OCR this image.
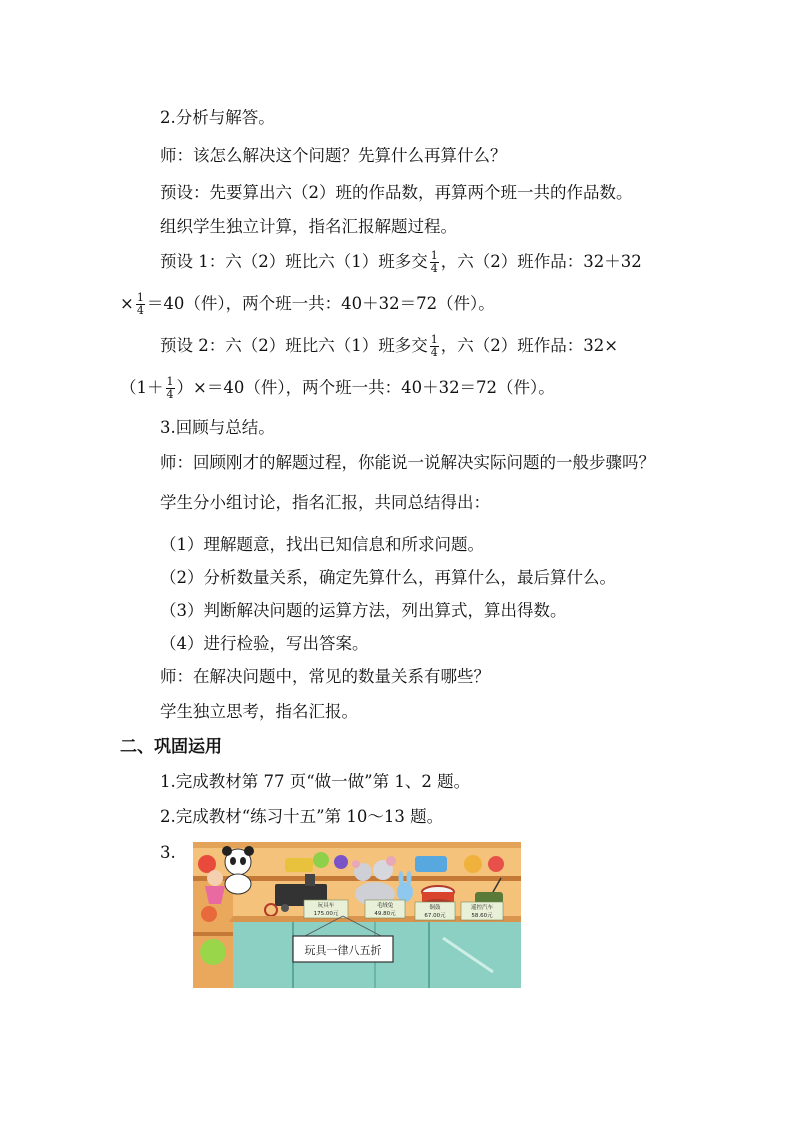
2.分析与解答。
师：该怎么解决这个问题？先算什么再算什么？
预设：先要算出六（2）班的作品数，再算两个班一共的作品数。
组织学生独立计算，指名汇报解题过程。
预设 1：六（2）班比六（1）班多交 $\frac{1}{4}$ ，六（2）班作品：32＋32
× $\frac{1}{4} =40$（件），两个班一共：40＋32＝72（件）。
预设 2：六（2）班比六（1）班多交 $\frac{1}{4}$ ，六（2）班作品：32×
$(1+ \frac{1}{4} )\times=40$（件），两个班一共：40＋32＝72（件）。
3.回顾与总结。
师：回顾刚才的解题过程，你能说一说解决实际问题的一般步骤吗？
学生分小组讨论，指名汇报，共同总结得出：
（1）理解题意，找出已知信息和所求问题。
（2）分析数量关系，确定先算什么，再算什么，最后算什么。
（3）判断解决问题的运算方法，列出算式，算出得数。
（4）进行检验，写出答案。
师：在解决问题中，常见的数量关系有哪些？
学生独立思考，指名汇报。
二、巩固运用
1.完成教材第 77 页“做一做”第 1、2 题。
2.完成教材“练习十五”第 10～13 题。
3.
玩具车
175.00元
毛绒兔
49.80元
铜鼓
67.00元
遥控汽车
58.60元
玩具一律八五折
